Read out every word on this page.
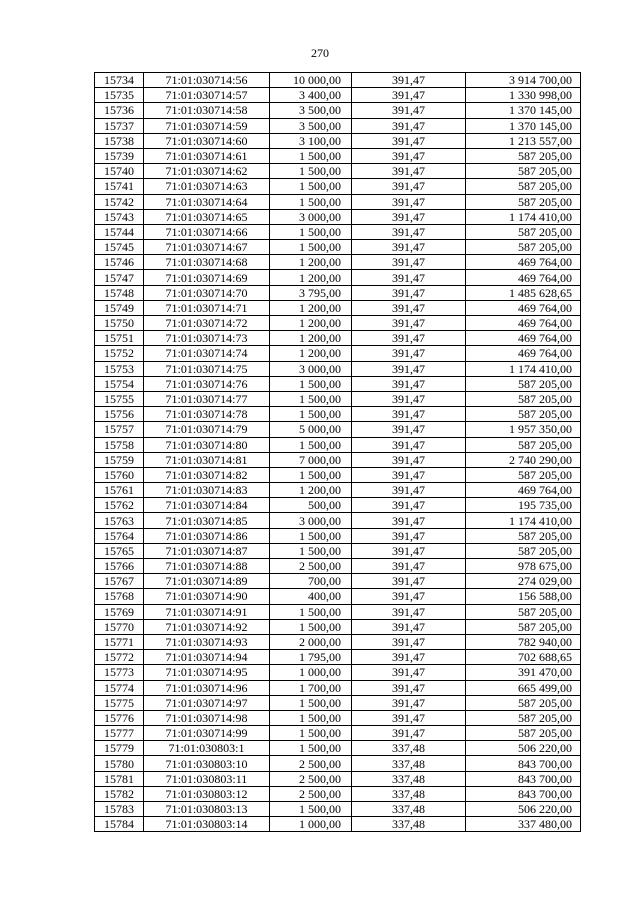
270
15734	71:01:030714:56	10 000,00	391,47	3 914 700,00
15735	71:01:030714:57	3 400,00	391,47	1 330 998,00
15736	71:01:030714:58	3 500,00	391,47	1 370 145,00
15737	71:01:030714:59	3 500,00	391,47	1 370 145,00
15738	71:01:030714:60	3 100,00	391,47	1 213 557,00
15739	71:01:030714:61	1 500,00	391,47	587 205,00
15740	71:01:030714:62	1 500,00	391,47	587 205,00
15741	71:01:030714:63	1 500,00	391,47	587 205,00
15742	71:01:030714:64	1 500,00	391,47	587 205,00
15743	71:01:030714:65	3 000,00	391,47	1 174 410,00
15744	71:01:030714:66	1 500,00	391,47	587 205,00
15745	71:01:030714:67	1 500,00	391,47	587 205,00
15746	71:01:030714:68	1 200,00	391,47	469 764,00
15747	71:01:030714:69	1 200,00	391,47	469 764,00
15748	71:01:030714:70	3 795,00	391,47	1 485 628,65
15749	71:01:030714:71	1 200,00	391,47	469 764,00
15750	71:01:030714:72	1 200,00	391,47	469 764,00
15751	71:01:030714:73	1 200,00	391,47	469 764,00
15752	71:01:030714:74	1 200,00	391,47	469 764,00
15753	71:01:030714:75	3 000,00	391,47	1 174 410,00
15754	71:01:030714:76	1 500,00	391,47	587 205,00
15755	71:01:030714:77	1 500,00	391,47	587 205,00
15756	71:01:030714:78	1 500,00	391,47	587 205,00
15757	71:01:030714:79	5 000,00	391,47	1 957 350,00
15758	71:01:030714:80	1 500,00	391,47	587 205,00
15759	71:01:030714:81	7 000,00	391,47	2 740 290,00
15760	71:01:030714:82	1 500,00	391,47	587 205,00
15761	71:01:030714:83	1 200,00	391,47	469 764,00
15762	71:01:030714:84	500,00	391,47	195 735,00
15763	71:01:030714:85	3 000,00	391,47	1 174 410,00
15764	71:01:030714:86	1 500,00	391,47	587 205,00
15765	71:01:030714:87	1 500,00	391,47	587 205,00
15766	71:01:030714:88	2 500,00	391,47	978 675,00
15767	71:01:030714:89	700,00	391,47	274 029,00
15768	71:01:030714:90	400,00	391,47	156 588,00
15769	71:01:030714:91	1 500,00	391,47	587 205,00
15770	71:01:030714:92	1 500,00	391,47	587 205,00
15771	71:01:030714:93	2 000,00	391,47	782 940,00
15772	71:01:030714:94	1 795,00	391,47	702 688,65
15773	71:01:030714:95	1 000,00	391,47	391 470,00
15774	71:01:030714:96	1 700,00	391,47	665 499,00
15775	71:01:030714:97	1 500,00	391,47	587 205,00
15776	71:01:030714:98	1 500,00	391,47	587 205,00
15777	71:01:030714:99	1 500,00	391,47	587 205,00
15779	71:01:030803:1	1 500,00	337,48	506 220,00
15780	71:01:030803:10	2 500,00	337,48	843 700,00
15781	71:01:030803:11	2 500,00	337,48	843 700,00
15782	71:01:030803:12	2 500,00	337,48	843 700,00
15783	71:01:030803:13	1 500,00	337,48	506 220,00
15784	71:01:030803:14	1 000,00	337,48	337 480,00
